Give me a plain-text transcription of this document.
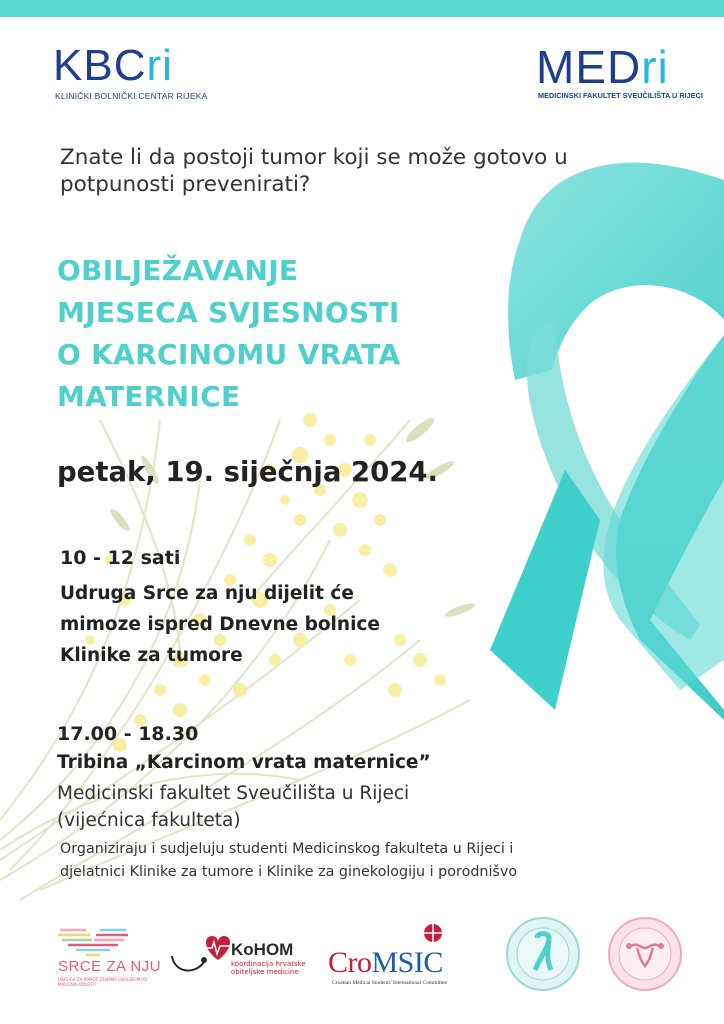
KBCri
KLINIČKI BOLNIČKI CENTAR RIJEKA
MEDri
MEDICINSKI FAKULTET SVEUČILIŠTA U RIJECI
Znate li da postoji tumor koji se može gotovo u potpunosti prevenirati?
OBILJEŽAVANJE
MJESECA SVJESNOSTI
O KARCINOMU VRATA
MATERNICE
petak, 19. siječnja 2024.
10 - 12 sati
Udruga Srce za nju dijelit će
mimoze ispred Dnevne bolnice
Klinike za tumore
17.00 - 18.30
Tribina „Karcinom vrata maternice”
Medicinski fakultet Sveučilišta u Rijeci
(vijećnica fakulteta)
Organiziraju i sudjeluju studenti Medicinskog fakulteta u Rijeci i
djelatnici Klinike za tumore i Klinike za ginekologiju i porodnišvo
SRCE ZA NJU
UDRUGA ZA POMOĆ ŽENAMA OBOLJELIM OD MALIGNIH BOLESTI
KoHOM
koordinacija hrvatske obiteljske medicine CroMSIC
Croatian Medical Students' International Committee
